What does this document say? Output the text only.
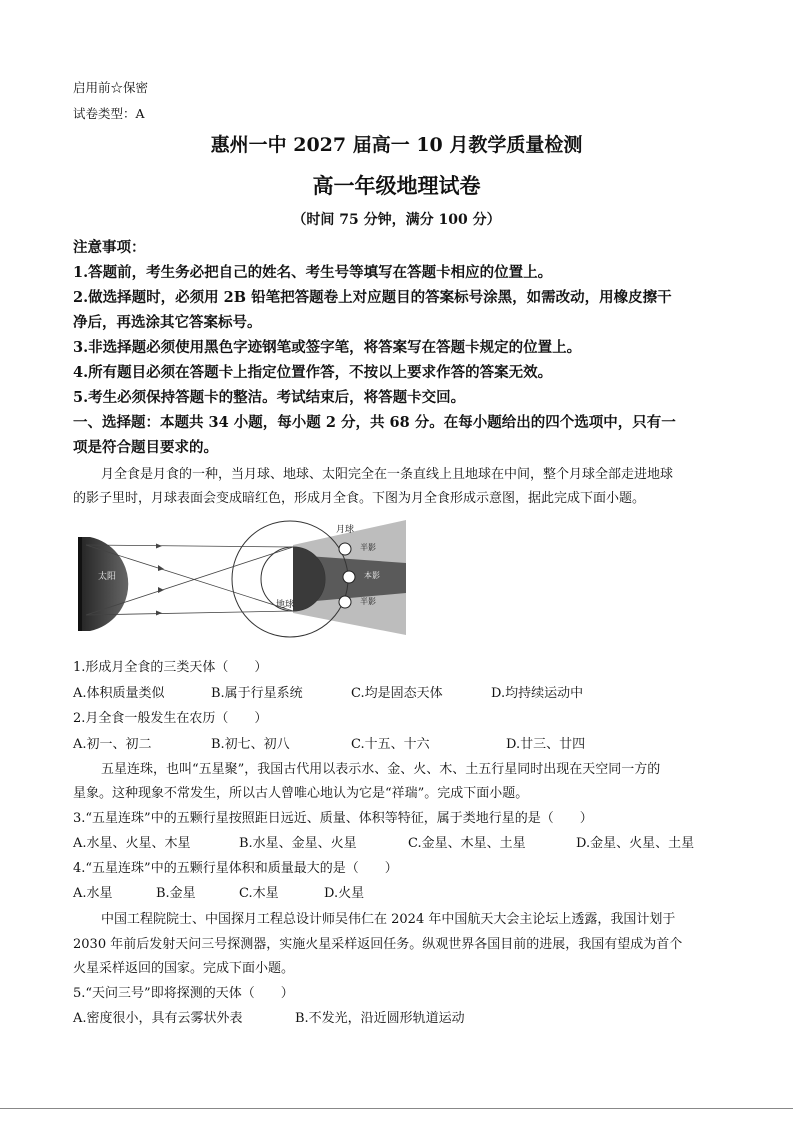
启用前☆保密
试卷类型：A
惠州一中 2027 届高一 10 月教学质量检测
高一年级地理试卷
（时间 75 分钟，满分 100 分）
注意事项：
1.答题前，考生务必把自己的姓名、考生号等填写在答题卡相应的位置上。
2.做选择题时，必须用 2B 铅笔把答题卷上对应题目的答案标号涂黑，如需改动，用橡皮擦干
净后，再选涂其它答案标号。
3.非选择题必须使用黑色字迹钢笔或签字笔，将答案写在答题卡规定的位置上。
4.所有题目必须在答题卡上指定位置作答，不按以上要求作答的答案无效。
5.考生必须保持答题卡的整洁。考试结束后，将答题卡交回。
一、选择题：本题共 34 小题，每小题 2 分，共 68 分。在每小题给出的四个选项中，只有一
项是符合题目要求的。
月全食是月食的一种，当月球、地球、太阳完全在一条直线上且地球在中间，整个月球全部走进地球
的影子里时，月球表面会变成暗红色，形成月全食。下图为月全食形成示意图，据此完成下面小题。
太阳
地球
月球
半影
本影
半影
1.形成月全食的三类天体（　　）
A.体积质量类似	B.属于行星系统	C.均是固态天体	D.均持续运动中
2.月全食一般发生在农历（　　）
A.初一、初二	B.初七、初八	C.十五、十六	D.廿三、廿四
五星连珠，也叫“五星聚”，我国古代用以表示水、金、火、木、土五行星同时出现在天空同一方的
星象。这种现象不常发生，所以古人曾唯心地认为它是“祥瑞”。完成下面小题。
3.“五星连珠”中的五颗行星按照距日远近、质量、体积等特征，属于类地行星的是（　　）
A.水星、火星、木星	B.水星、金星、火星	C.金星、木星、土星	D.金星、火星、土星
4.“五星连珠”中的五颗行星体积和质量最大的是（　　）
A.水星	B.金星	C.木星	D.火星
中国工程院院士、中国探月工程总设计师吴伟仁在 2024 年中国航天大会主论坛上透露，我国计划于
2030 年前后发射天问三号探测器，实施火星采样返回任务。纵观世界各国目前的进展，我国有望成为首个
火星采样返回的国家。完成下面小题。
5.“天问三号”即将探测的天体（　　）
A.密度很小，具有云雾状外表	B.不发光，沿近圆形轨道运动
